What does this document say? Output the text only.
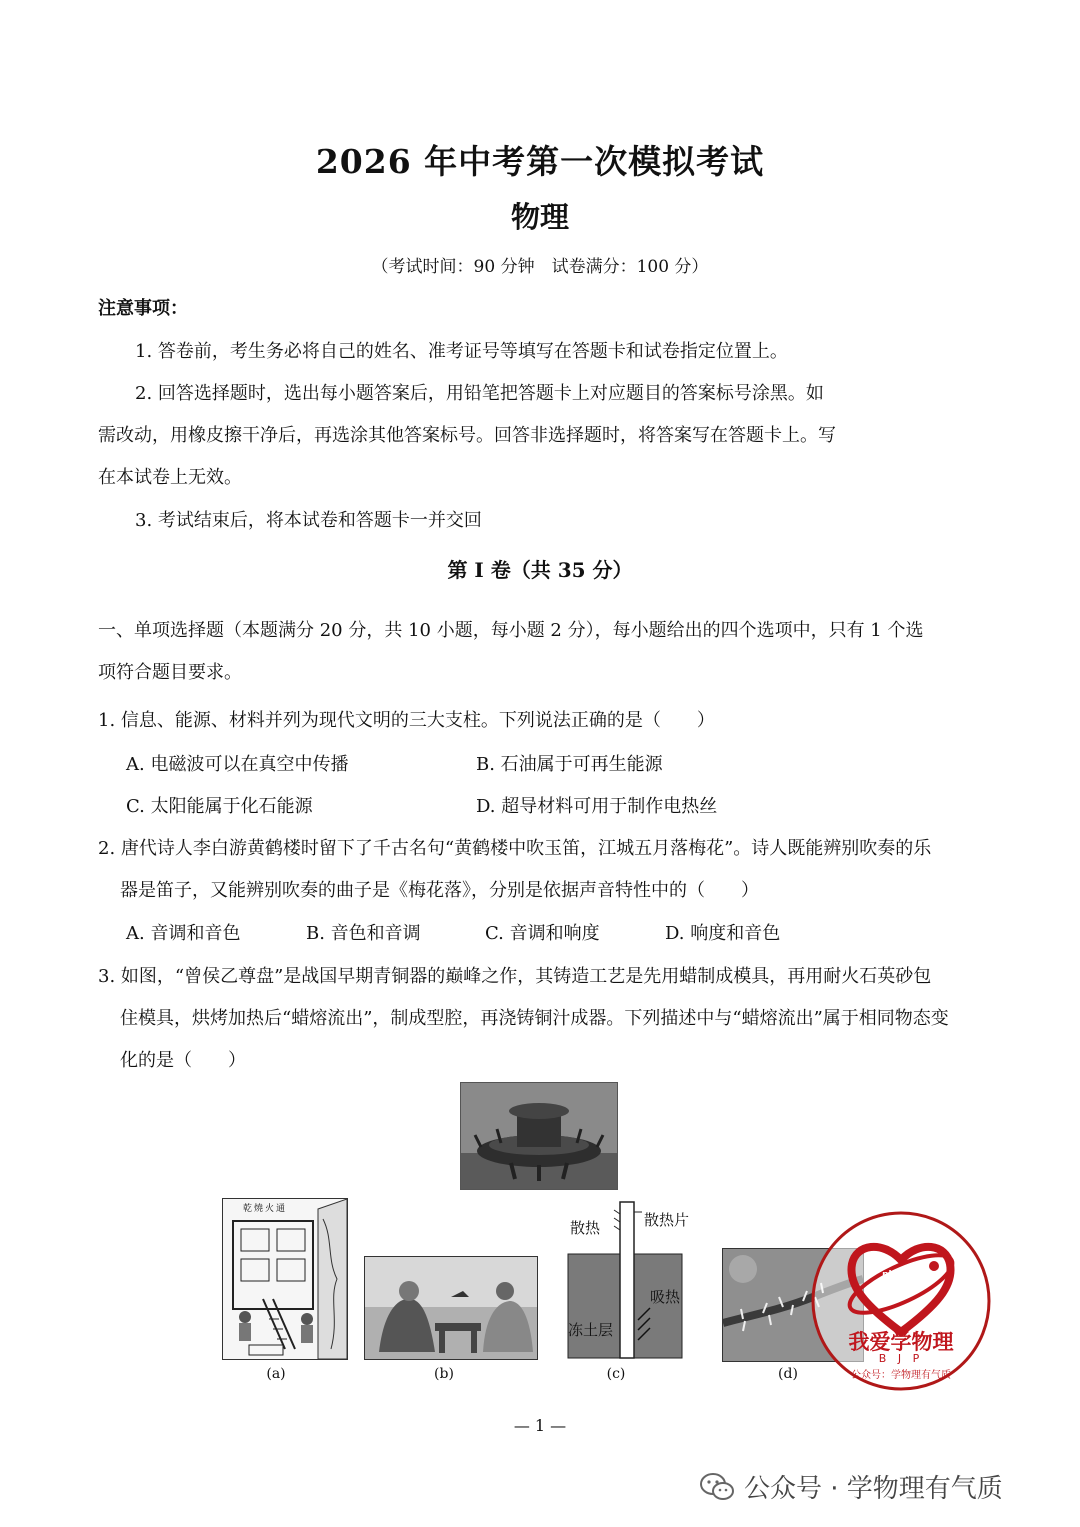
2026 年中考第一次模拟考试
物理
（考试时间：90 分钟　试卷满分：100 分）
注意事项：
1. 答卷前，考生务必将自己的姓名、准考证号等填写在答题卡和试卷指定位置上。
2. 回答选择题时，选出每小题答案后，用铅笔把答题卡上对应题目的答案标号涂黑。如
需改动，用橡皮擦干净后，再选涂其他答案标号。回答非选择题时，将答案写在答题卡上。写
在本试卷上无效。
3. 考试结束后，将本试卷和答题卡一并交回
第 I 卷（共 35 分）
一、单项选择题（本题满分 20 分，共 10 小题，每小题 2 分），每小题给出的四个选项中，只有 1 个选
项符合题目要求。
1. 信息、能源、材料并列为现代文明的三大支柱。下列说法正确的是（　　）
A. 电磁波可以在真空中传播	B. 石油属于可再生能源
C. 太阳能属于化石能源	D. 超导材料可用于制作电热丝
2. 唐代诗人李白游黄鹤楼时留下了千古名句“黄鹤楼中吹玉笛，江城五月落梅花”。诗人既能辨别吹奏的乐
器是笛子，又能辨别吹奏的曲子是《梅花落》，分别是依据声音特性中的（　　）
A. 音调和音色	B. 音色和音调	C. 音调和响度	D. 响度和音色
3. 如图，“曾侯乙尊盘”是战国早期青铜器的巅峰之作，其铸造工艺是先用蜡制成模具，再用耐火石英砂包
住模具，烘烤加热后“蜡熔流出”，制成型腔，再浇铸铜汁成器。下列描述中与“蜡熔流出”属于相同物态变
化的是（　　）
乾燒火通
(a)	(b)
散热	散热片
吸热
冻土层
(c)	(d)
physics
我爱学物理
B J P
公众号：学物理有气质
— 1 —
公众号 · 学物理有气质
